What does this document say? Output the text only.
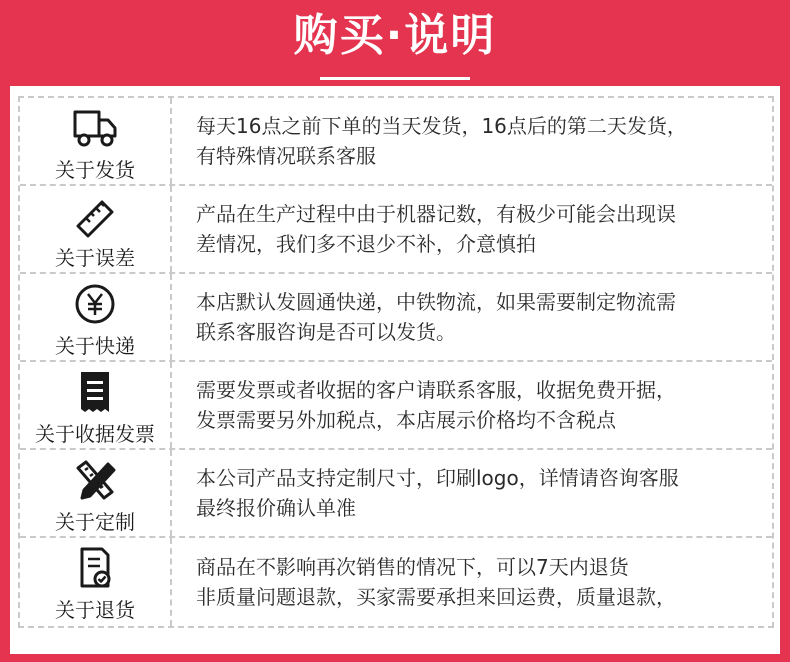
购买·说明
关于发货
每天16点之前下单的当天发货，16点后的第二天发货，
有特殊情况联系客服
关于误差
产品在生产过程中由于机器记数，有极少可能会出现误
差情况，我们多不退少不补，介意慎拍
关于快递
本店默认发圆通快递，中铁物流，如果需要制定物流需
联系客服咨询是否可以发货。
关于收据发票
需要发票或者收据的客户请联系客服，收据免费开据，
发票需要另外加税点，本店展示价格均不含税点
关于定制
本公司产品支持定制尺寸，印刷logo，详情请咨询客服
最终报价确认单准
关于退货
商品在不影响再次销售的情况下，可以7天内退货
非质量问题退款，买家需要承担来回运费，质量退款，
